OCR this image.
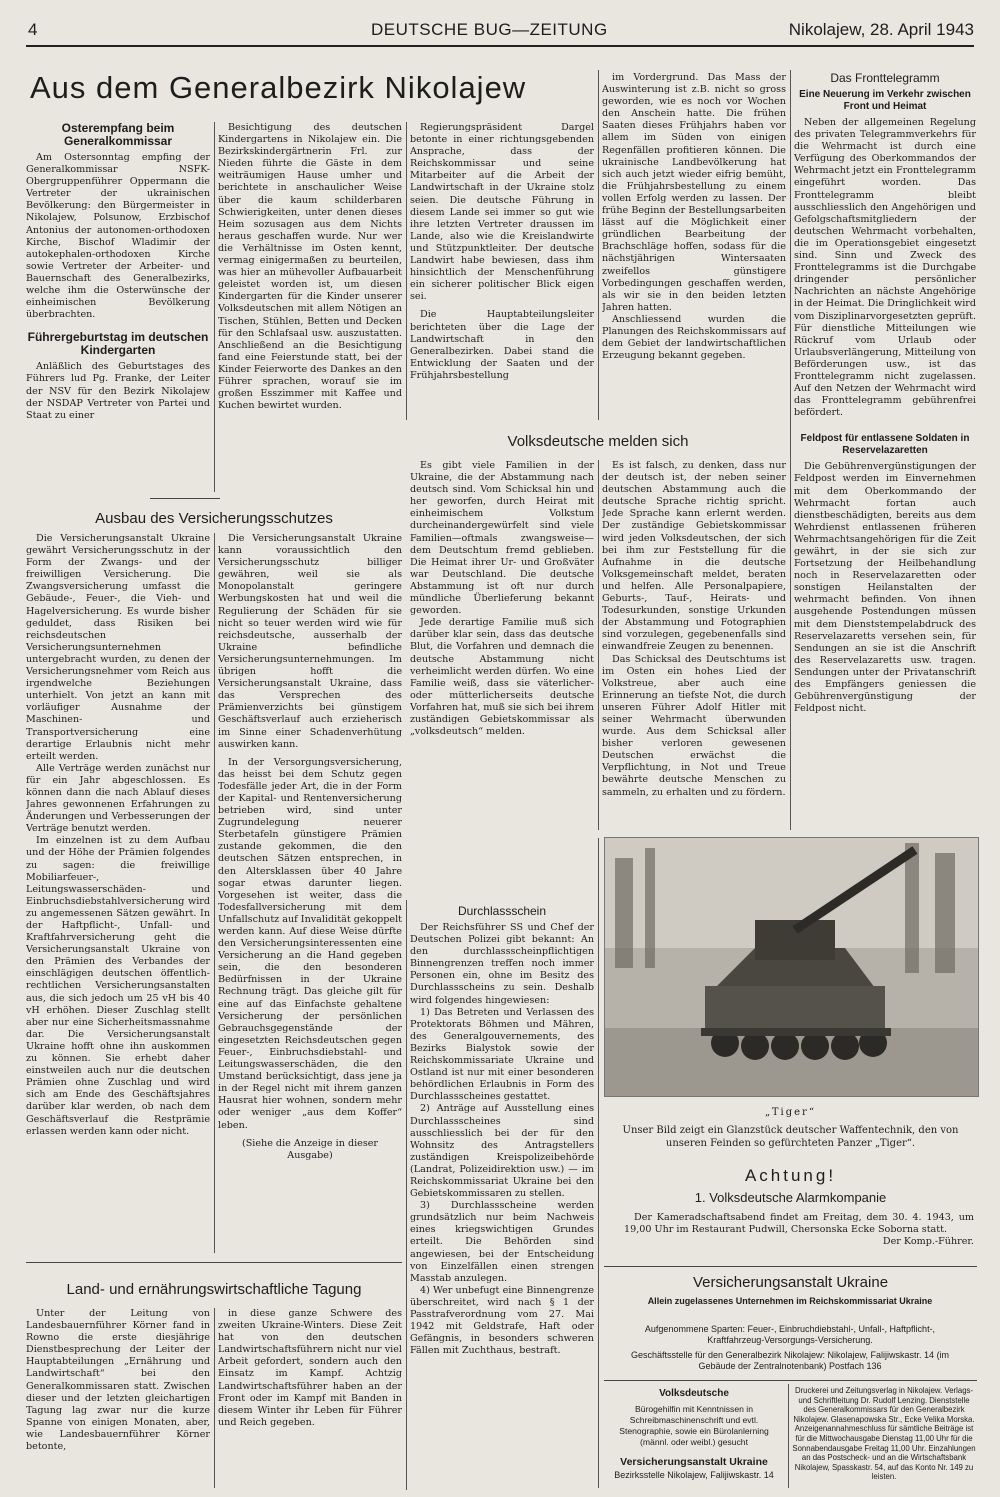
4	DEUTSCHE BUG—ZEITUNG	Nikolajew, 28. April 1943
Aus dem Generalbezirk Nikolajew
Osterempfang beim Generalkommissar

Am Ostersonntag empfing der Generalkommissar NSFK-Obergruppenführer Oppermann die Vertreter der ukrainischen Bevölkerung: den Bürgermeister in Nikolajew, Polsunow, Erzbischof Antonius der autonomen-orthodoxen Kirche, Bischof Wladimir der autokephalen-orthodoxen Kirche sowie Vertreter der Arbeiter- und Bauernschaft des Generalbezirks, welche ihm die Osterwünsche der einheimischen Bevölkerung überbrachten.

Führergeburtstag im deutschen Kindergarten

Anläßlich des Geburtstages des Führers lud Pg. Franke, der Leiter der NSV für den Bezirk Nikolajew der NSDAP Vertreter von Partei und Staat zu einer

Besichtigung des deutschen Kindergartens in Nikolajew ein. Die Bezirkskindergärtnerin Frl. zur Nieden führte die Gäste in dem weiträumigen Hause umher und berichtete in anschaulicher Weise über die kaum schilderbaren Schwierigkeiten, unter denen dieses Heim sozusagen aus dem Nichts heraus geschaffen wurde. Nur wer die Verhältnisse im Osten kennt, vermag einigermaßen zu beurteilen, was hier an mühevoller Aufbauarbeit geleistet worden ist, um diesen Kindergarten für die Kinder unserer Volksdeutschen mit allem Nötigen an Tischen, Stühlen, Betten und Decken für den Schlafsaal usw. auszustatten. Anschließend an die Besichtigung fand eine Feierstunde statt, bei der Kinder Feierworte des Dankes an den Führer sprachen, worauf sie im großen Esszimmer mit Kaffee und Kuchen bewirtet wurden.

Regierungspräsident Dargel betonte in einer richtungsgebenden Ansprache, dass der Reichskommissar und seine Mitarbeiter auf die Arbeit der Landwirtschaft in der Ukraine stolz seien. Die deutsche Führung in diesem Lande sei immer so gut wie ihre letzten Vertreter draussen im Lande, also wie die Kreislandwirte und Stützpunktleiter. Der deutsche Landwirt habe bewiesen, dass ihm hinsichtlich der Menschenführung ein sicherer politischer Blick eigen sei.

Die Hauptabteilungsleiter berichteten über die Lage der Landwirtschaft in den Generalbezirken. Dabei stand die Entwicklung der Saaten und der Frühjahrsbestellung

im Vordergrund. Das Mass der Auswinterung ist z.B. nicht so gross geworden, wie es noch vor Wochen den Anschein hatte. Die frühen Saaten dieses Frühjahrs haben vor allem im Süden von einigen Regenfällen profitieren können. Die ukrainische Landbevölkerung hat sich auch jetzt wieder eifrig bemüht, die Frühjahrsbestellung zu einem vollen Erfolg werden zu lassen. Der frühe Beginn der Bestellungsarbeiten lässt auf die Möglichkeit einer gründlichen Bearbeitung der Brachschläge hoffen, sodass für die nächstjährigen Wintersaaten zweifellos günstigere Vorbedingungen geschaffen werden, als wir sie in den beiden letzten Jahren hatten.

Anschliessend wurden die Planungen des Reichskommissars auf dem Gebiet der landwirtschaftlichen Erzeugung bekannt gegeben.

Das Fronttelegramm
Eine Neuerung im Verkehr zwischen Front und Heimat

Neben der allgemeinen Regelung des privaten Telegrammverkehrs für die Wehrmacht ist durch eine Verfügung des Oberkommandos der Wehrmacht jetzt ein Fronttelegramm eingeführt worden. Das Fronttelegramm bleibt ausschliesslich den Angehörigen und Gefolgschaftsmitgliedern der deutschen Wehrmacht vorbehalten, die im Operationsgebiet eingesetzt sind. Sinn und Zweck des Fronttelegramms ist die Durchgabe dringender persönlicher Nachrichten an nächste Angehörige in der Heimat. Die Dringlichkeit wird vom Disziplinarvorgesetzten geprüft. Für dienstliche Mitteilungen wie Rückruf vom Urlaub oder Urlaubsverlängerung, Mitteilung von Beförderungen usw., ist das Fronttelegramm nicht zugelassen. Auf den Netzen der Wehrmacht wird das Fronttelegramm gebührenfrei befördert.

Feldpost für entlassene Soldaten in Reservelazaretten

Die Gebührenvergünstigungen der Feldpost werden im Einvernehmen mit dem Oberkommando der Wehrmacht fortan auch dienstbeschädigten, bereits aus dem Wehrdienst entlassenen früheren Wehrmachtsangehörigen für die Zeit gewährt, in der sie sich zur Fortsetzung der Heilbehandlung noch in Reservelazaretten oder sonstigen Heilanstalten der wehrmacht befinden. Von ihnen ausgehende Postendungen müssen mit dem Dienststempelabdruck des Reservelazaretts versehen sein, für Sendungen an sie ist die Anschrift des Reservelazaretts usw. tragen. Sendungen unter der Privatanschrift des Empfängers geniessen die Gebührenvergünstigung der Feldpost nicht.

Volksdeutsche melden sich

Es gibt viele Familien in der Ukraine, die der Abstammung nach deutsch sind. Vom Schicksal hin und her geworfen, durch Heirat mit einheimischem Volkstum durcheinandergewürfelt sind viele Familien—oftmals zwangsweise—dem Deutschtum fremd geblieben. Die Heimat ihrer Ur- und Großväter war Deutschland. Die deutsche Abstammung ist oft nur durch mündliche Überlieferung bekannt geworden.

Jede derartige Familie muß sich darüber klar sein, dass das deutsche Blut, die Vorfahren und demnach die deutsche Abstammung nicht verheimlicht werden dürfen. Wo eine Familie weiß, dass sie väterlicher- oder mütterlicherseits deutsche Vorfahren hat, muß sie sich bei ihrem zuständigen Gebietskommissar als „volksdeutsch“ melden.

Es ist falsch, zu denken, dass nur der deutsch ist, der neben seiner deutschen Abstammung auch die deutsche Sprache richtig spricht. Jede Sprache kann erlernt werden. Der zuständige Gebietskommissar wird jeden Volksdeutschen, der sich bei ihm zur Feststellung für die Aufnahme in die deutsche Volksgemeinschaft meldet, beraten und helfen. Alle Personalpapiere, Geburts-, Tauf-, Heirats- und Todesurkunden, sonstige Urkunden der Abstammung und Fotographien sind vorzulegen, gegebenenfalls sind einwandfreie Zeugen zu benennen.

Das Schicksal des Deutschtums ist im Osten ein hohes Lied der Volkstreue, aber auch eine Erinnerung an tiefste Not, die durch unseren Führer Adolf Hitler mit seiner Wehrmacht überwunden wurde. Aus dem Schicksal aller bisher verloren gewesenen Deutschen erwächst die Verpflichtung, in Not und Treue bewährte deutsche Menschen zu sammeln, zu erhalten und zu fördern.

Ausbau des Versicherungsschutzes

Die Versicherungsanstalt Ukraine gewährt Versicherungsschutz in der Form der Zwangs- und der freiwilligen Versicherung. Die Zwangsversicherung umfasst die Gebäude-, Feuer-, die Vieh- und Hagelversicherung. Es wurde bisher geduldet, dass Risiken bei reichsdeutschen Versicherungsunternehmen untergebracht wurden, zu denen der Versicherungsnehmer vom Reich aus irgendwelche Beziehungen unterhielt. Von jetzt an kann mit vorläufiger Ausnahme der Maschinen- und Transportversicherung eine derartige Erlaubnis nicht mehr erteilt werden.

Alle Verträge werden zunächst nur für ein Jahr abgeschlossen. Es können dann die nach Ablauf dieses Jahres gewonnenen Erfahrungen zu Änderungen und Verbesserungen der Verträge benutzt werden.

Im einzelnen ist zu dem Aufbau und der Höhe der Prämien folgendes zu sagen: die freiwillige Mobiliarfeuer-, Leitungswasserschäden- und Einbruchsdiebstahlversicherung wird zu angemessenen Sätzen gewährt. In der Haftpflicht-, Unfall- und Kraftfahrversicherung geht die Versicherungsanstalt Ukraine von den Prämien des Verbandes der einschlägigen deutschen öffentlich-rechtlichen Versicherungsanstalten aus, die sich jedoch um 25 vH bis 40 vH erhöhen. Dieser Zuschlag stellt aber nur eine Sicherheitsmassnahme dar. Die Versicherungsanstalt Ukraine hofft ohne ihn auskommen zu können. Sie erhebt daher einstweilen auch nur die deutschen Prämien ohne Zuschlag und wird sich am Ende des Geschäftsjahres darüber klar werden, ob nach dem Geschäftsverlauf die Restprämie erlassen werden kann oder nicht.

Die Versicherungsanstalt Ukraine kann voraussichtlich den Versicherungsschutz billiger gewähren, weil sie als Monopolanstalt geringere Werbungskosten hat und weil die Regulierung der Schäden für sie nicht so teuer werden wird wie für reichsdeutsche, ausserhalb der Ukraine befindliche Versicherungsunternehmungen. Im übrigen hofft die Versicherungsanstalt Ukraine, dass das Versprechen des Prämienverzichts bei günstigem Geschäftsverlauf auch erzieherisch im Sinne einer Schadenverhütung auswirken kann.

In der Versorgungsversicherung, das heisst bei dem Schutz gegen Todesfälle jeder Art, die in der Form der Kapital- und Rentenversicherung betrieben wird, sind unter Zugrundelegung neuerer Sterbetafeln günstigere Prämien zustande gekommen, die den deutschen Sätzen entsprechen, in den Altersklassen über 40 Jahre sogar etwas darunter liegen. Vorgesehen ist weiter, dass die Todesfallversicherung mit dem Unfallschutz auf Invalidität gekoppelt werden kann. Auf diese Weise dürfte den Versicherungsinteressenten eine Versicherung an die Hand gegeben sein, die den besonderen Bedürfnissen in der Ukraine Rechnung trägt. Das gleiche gilt für eine auf das Einfachste gehaltene Versicherung der persönlichen Gebrauchsgegenstände der eingesetzten Reichsdeutschen gegen Feuer-, Einbruchsdiebstahl- und Leitungswasserschäden, die den Umstand berücksichtigt, dass jene ja in der Regel nicht mit ihrem ganzen Hausrat hier wohnen, sondern mehr oder weniger „aus dem Koffer“ leben.

(Siehe die Anzeige in dieser Ausgabe)

Durchlassschein

Der Reichsführer SS und Chef der Deutschen Polizei gibt bekannt: An den durchlassscheinpflichtigen Binnengrenzen treffen noch immer Personen ein, ohne im Besitz des Durchlassscheins zu sein. Deshalb wird folgendes hingewiesen:

1) Das Betreten und Verlassen des Protektorats Böhmen und Mähren, des Generalgouvernements, des Bezirks Bialystok sowie der Reichskommissariate Ukraine und Ostland ist nur mit einer besonderen behördlichen Erlaubnis in Form des Durchlassscheines gestattet.

2) Anträge auf Ausstellung eines Durchlassscheines sind ausschliesslich bei der für den Wohnsitz des Antragstellers zuständigen Kreispolizeibehörde (Landrat, Polizeidirektion usw.) — im Reichskommissariat Ukraine bei den Gebietskommissaren zu stellen.

3) Durchlassscheine werden grundsätzlich nur beim Nachweis eines kriegswichtigen Grundes erteilt. Die Behörden sind angewiesen, bei der Entscheidung von Einzelfällen einen strengen Masstab anzulegen.

4) Wer unbefugt eine Binnengrenze überschreitet, wird nach § 1 der Passtrafverordnung vom 27. Mai 1942 mit Geldstrafe, Haft oder Gefängnis, in besonders schweren Fällen mit Zuchthaus, bestraft.

Land- und ernährungswirtschaftliche Tagung

Unter der Leitung von Landesbauernführer Körner fand in Rowno die erste diesjährige Dienstbesprechung der Leiter der Hauptabteilungen „Ernährung und Landwirtschaft“ bei den Generalkommissaren statt. Zwischen dieser und der letzten gleichartigen Tagung lag zwar nur die kurze Spanne von einigen Monaten, aber, wie Landesbauernführer Körner betonte,

in diese ganze Schwere des zweiten Ukraine-Winters. Diese Zeit hat von den deutschen Landwirtschaftsführern nicht nur viel Arbeit gefordert, sondern auch den Einsatz im Kampf. Achtzig Landwirtschaftsführer haben an der Front oder im Kampf mit Banden in diesem Winter ihr Leben für Führer und Reich gegeben.

„Tiger“
Unser Bild zeigt ein Glanzstück deutscher Waffentechnik, den von unseren Feinden so gefürchteten Panzer „Tiger“.
Achtung!
1. Volksdeutsche Alarmkompanie

Der Kameradschaftsabend findet am Freitag, dem 30. 4. 1943, um 19,00 Uhr im Restaurant Pudwill, Chersonska Ecke Soborna statt.

Der Komp.-Führer.

Versicherungsanstalt Ukraine
Allein zugelassenes Unternehmen im Reichskommissariat Ukraine
Aufgenommene Sparten: Feuer-, Einbruchdiebstahl-, Unfall-, Haftpflicht-, Kraftfahrzeug-Versorgungs-Versicherung.
Geschäftsstelle für den Generalbezirk Nikolajew: Nikolajew, Falijiwskastr. 14 (im Gebäude der Zentralnotenbank) Postfach 136
Volksdeutsche
Bürogehilfin mit Kenntnissen in Schreibmaschinenschrift und evtl. Stenographie, sowie ein Bürolanlerning (männl. oder weibl.) gesucht
Versicherungsanstalt Ukraine
Bezirksstelle Nikolajew, Falijiwskastr. 14
Druckerei und Zeitungsverlag in Nikolajew. Verlags- und Schriftleitung Dr. Rudolf Lenzing. Dienststelle des Generalkommissars für den Generalbezirk Nikolajew. Glasenapowska Str., Ecke Velika Morska. Anzeigenannahmeschluss für sämtliche Beiträge ist für die Mittwochausgabe Dienstag 11,00 Uhr für die Sonnabendausgabe Freitag 11,00 Uhr. Einzahlungen an das Postscheck- und an die Wirtschaftsbank Nikolajew, Spasskastr. 54, auf das Konto Nr. 149 zu leisten.
